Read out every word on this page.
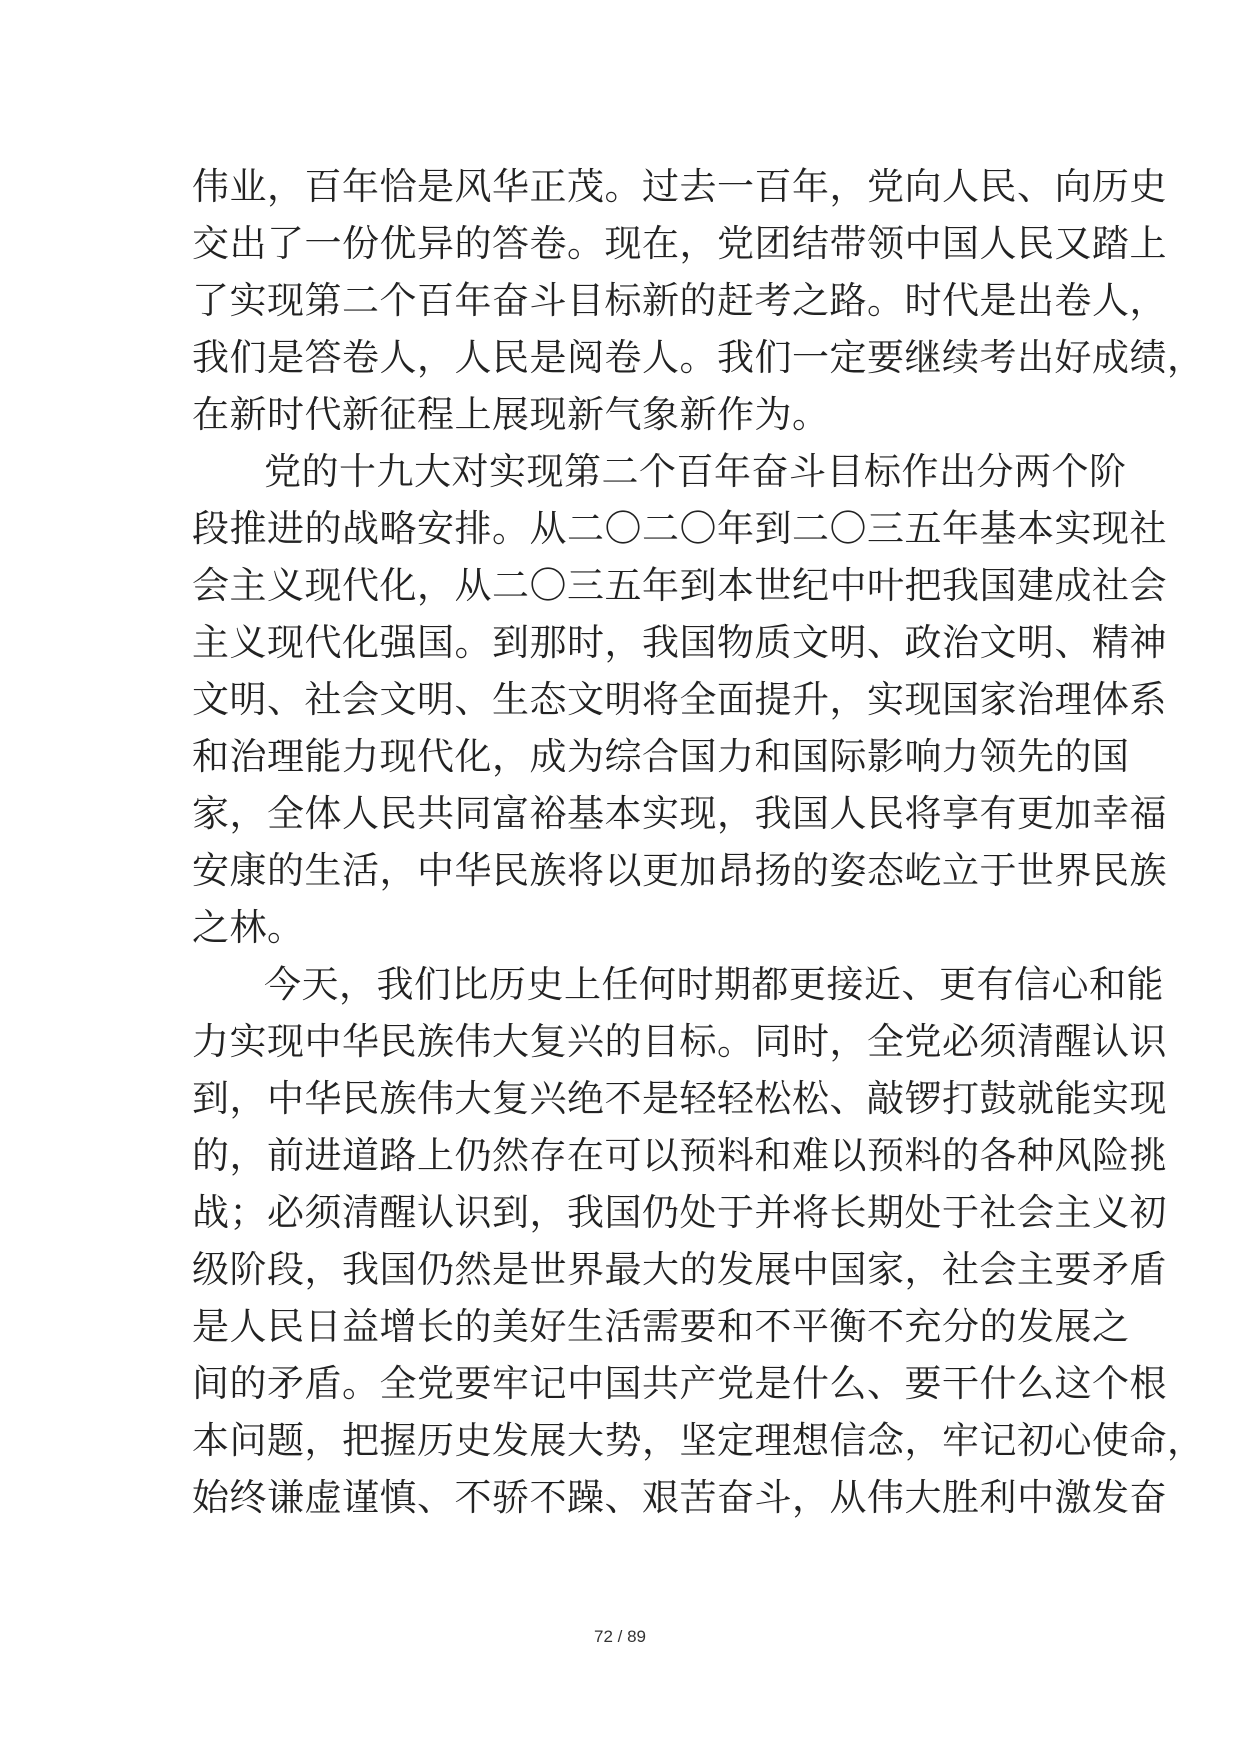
伟业，百年恰是风华正茂。过去一百年，党向人民、向历史
交出了一份优异的答卷。现在，党团结带领中国人民又踏上
了实现第二个百年奋斗目标新的赶考之路。时代是出卷人，
我们是答卷人，人民是阅卷人。我们一定要继续考出好成绩，
在新时代新征程上展现新气象新作为。
党的十九大对实现第二个百年奋斗目标作出分两个阶
段推进的战略安排。从二〇二〇年到二〇三五年基本实现社
会主义现代化，从二〇三五年到本世纪中叶把我国建成社会
主义现代化强国。到那时，我国物质文明、政治文明、精神
文明、社会文明、生态文明将全面提升，实现国家治理体系
和治理能力现代化，成为综合国力和国际影响力领先的国
家，全体人民共同富裕基本实现，我国人民将享有更加幸福
安康的生活，中华民族将以更加昂扬的姿态屹立于世界民族
之林。
今天，我们比历史上任何时期都更接近、更有信心和能
力实现中华民族伟大复兴的目标。同时，全党必须清醒认识
到，中华民族伟大复兴绝不是轻轻松松、敲锣打鼓就能实现
的，前进道路上仍然存在可以预料和难以预料的各种风险挑
战；必须清醒认识到，我国仍处于并将长期处于社会主义初
级阶段，我国仍然是世界最大的发展中国家，社会主要矛盾
是人民日益增长的美好生活需要和不平衡不充分的发展之
间的矛盾。全党要牢记中国共产党是什么、要干什么这个根
本问题，把握历史发展大势，坚定理想信念，牢记初心使命，
始终谦虚谨慎、不骄不躁、艰苦奋斗，从伟大胜利中激发奋
72 / 89
